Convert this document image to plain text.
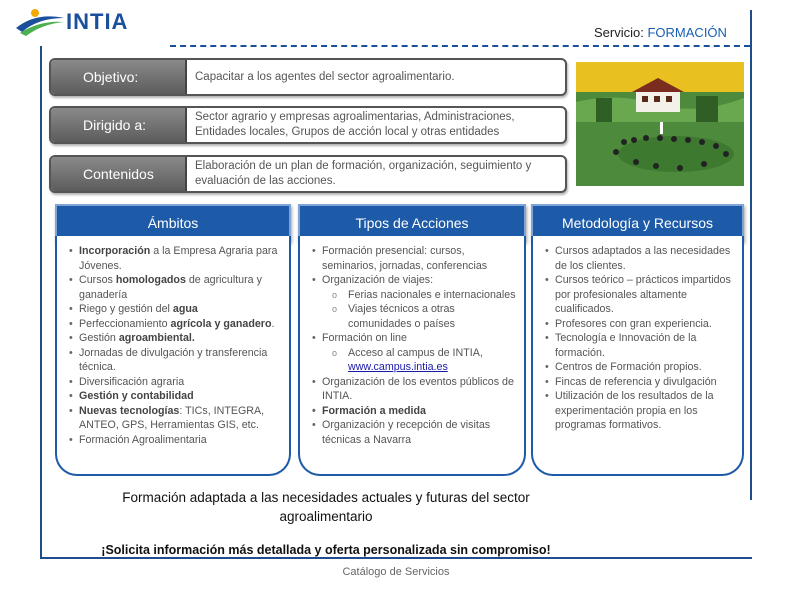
INTIA	Servicio: FORMACIÓN
Objetivo:	Capacitar a los agentes del sector agroalimentario.
Dirigido a:	Sector agrario y empresas agroalimentarias, Administraciones, Entidades locales, Grupos de acción local y otras entidades
Contenidos	Elaboración de un plan de formación, organización, seguimiento y evaluación de las acciones.
Ámbitos	Tipos de Acciones	Metodología y Recursos
• Incorporación a la Empresa Agraria para Jóvenes.
• Cursos homologados de agricultura y ganadería
• Riego y gestión del agua
• Perfeccionamiento agrícola y ganadero.
• Gestión agroambiental.
• Jornadas de divulgación y transferencia técnica.
• Diversificación agraria
• Gestión y contabilidad
• Nuevas tecnologías: TICs, INTEGRA, ANTEO, GPS, Herramientas GIS, etc.
• Formación Agroalimentaria
• Formación presencial: cursos, seminarios, jornadas, conferencias
• Organización de viajes:
o Ferias nacionales e internacionales
o Viajes técnicos a otras comunidades o países
• Formación on line
o Acceso al campus de INTIA,
www.campus.intia.es
• Organización de los eventos públicos de INTIA.
• Formación a medida
• Organización y recepción de visitas técnicas a Navarra
• Cursos adaptados a las necesidades de los clientes.
• Cursos teórico – prácticos impartidos por profesionales altamente cualificados.
• Profesores con gran experiencia.
• Tecnología e Innovación de la formación.
• Centros de Formación propios.
• Fincas de referencia y divulgación
• Utilización de los resultados de la experimentación propia en los programas formativos.
Formación adaptada a las necesidades actuales y futuras del sector agroalimentario
¡Solicita información más detallada y oferta personalizada sin compromiso!
Catálogo de Servicios
